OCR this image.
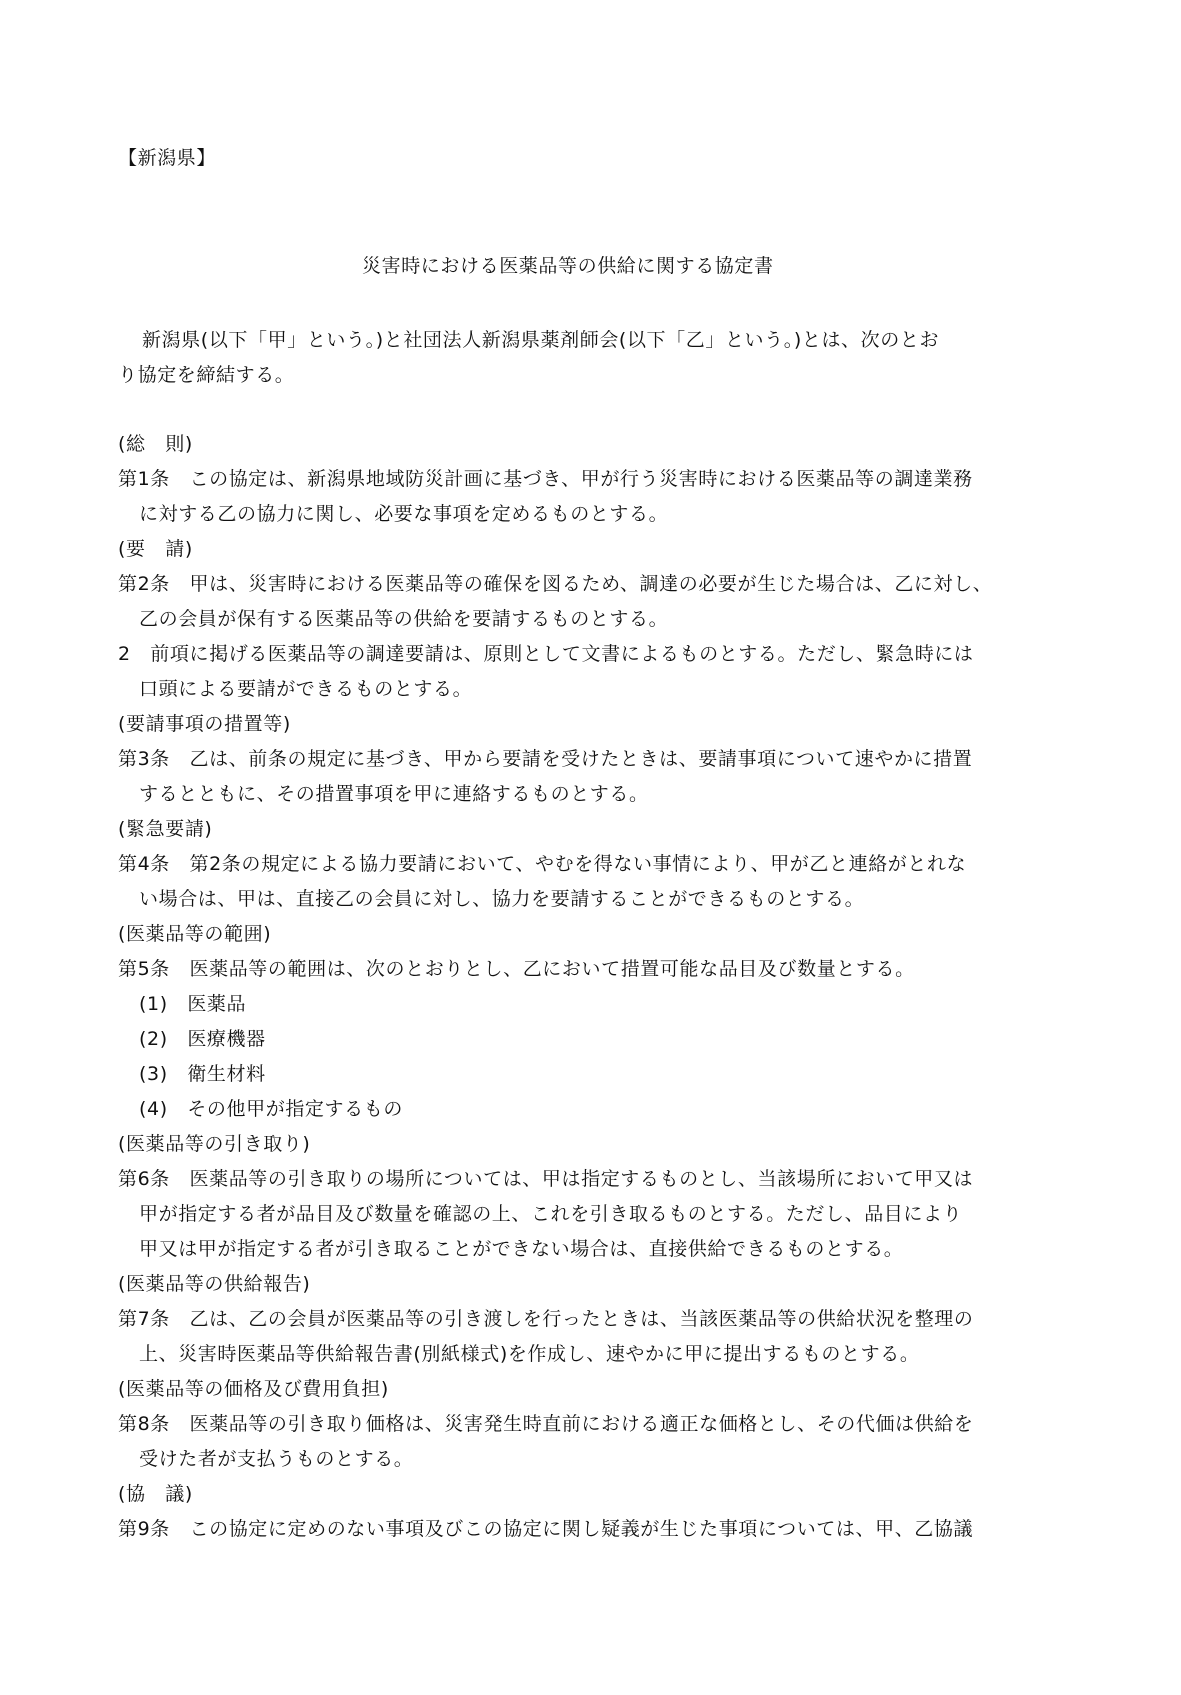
【新潟県】
災害時における医薬品等の供給に関する協定書
新潟県(以下「甲」という。)と社団法人新潟県薬剤師会(以下「乙」という。)とは、次のとお
り協定を締結する。
(総　則)
第1条　この協定は、新潟県地域防災計画に基づき、甲が行う災害時における医薬品等の調達業務
に対する乙の協力に関し、必要な事項を定めるものとする。
(要　請)
第2条　甲は、災害時における医薬品等の確保を図るため、調達の必要が生じた場合は、乙に対し、
乙の会員が保有する医薬品等の供給を要請するものとする。
2　前項に掲げる医薬品等の調達要請は、原則として文書によるものとする。ただし、緊急時には
口頭による要請ができるものとする。
(要請事項の措置等)
第3条　乙は、前条の規定に基づき、甲から要請を受けたときは、要請事項について速やかに措置
するとともに、その措置事項を甲に連絡するものとする。
(緊急要請)
第4条　第2条の規定による協力要請において、やむを得ない事情により、甲が乙と連絡がとれな
い場合は、甲は、直接乙の会員に対し、協力を要請することができるものとする。
(医薬品等の範囲)
第5条　医薬品等の範囲は、次のとおりとし、乙において措置可能な品目及び数量とする。
(1)　医薬品
(2)　医療機器
(3)　衛生材料
(4)　その他甲が指定するもの
(医薬品等の引き取り)
第6条　医薬品等の引き取りの場所については、甲は指定するものとし、当該場所において甲又は
甲が指定する者が品目及び数量を確認の上、これを引き取るものとする。ただし、品目により
甲又は甲が指定する者が引き取ることができない場合は、直接供給できるものとする。
(医薬品等の供給報告)
第7条　乙は、乙の会員が医薬品等の引き渡しを行ったときは、当該医薬品等の供給状況を整理の
上、災害時医薬品等供給報告書(別紙様式)を作成し、速やかに甲に提出するものとする。
(医薬品等の価格及び費用負担)
第8条　医薬品等の引き取り価格は、災害発生時直前における適正な価格とし、その代価は供給を
受けた者が支払うものとする。
(協　議)
第9条　この協定に定めのない事項及びこの協定に関し疑義が生じた事項については、甲、乙協議
